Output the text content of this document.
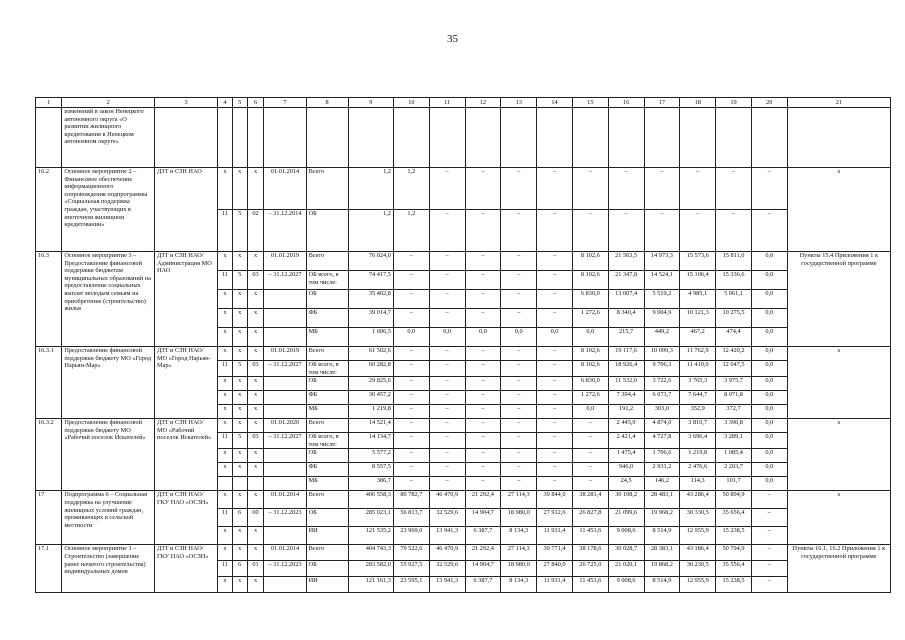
35
1	2	3	4	5	6	7	8	9	10	11	12	13	14	15	16	17	18	19	20	21
	изменений в закон Ненецкого автономного округа «О развитии жилищного кредитования в Ненецком автономном округе»																			
16.2	Основное мероприятие 2 – Финансовое обеспечение информационного сопровождения подпрограммы «Социальная поддержка граждан, участвующих в ипотечном жилищном кредитовании»	ДЗТ и СЗН НАО	x	x	x	01.01.2014	Всего	1,2	1,2	–	–	–	–	–	–	–	–	–	–	x
			11	5	02	– 31.12.2014	ОБ	1,2	1,2	–	–	–	–	–	–	–	–	–	–	
16.3	Основное мероприятие 3 – Предоставление финансовой поддержки бюджетам муниципальных образований на предоставление социальных выплат молодым семьям на приобретение (строительство) жилья	ДЗТ и СЗН НАО/ Администрация МО НАО	x	x	x	01.01.2019	Всего	76 024,0	–	–	–	–	–	8 102,6	21 563,5	14 973,3	15 573,6	15 811,0	0,0	Пункты 15.4 Приложения 1 к государственной программе
			11	5	03	– 31.12.2027	ОБ всего, в том числе:	74 417,5	–	–	–	–	–	8 102,6	21 347,8	14 524,1	15 106,4	15 336,6	0,0	
			x	x	x		ОБ	35 402,8	–	–	–	–	–	6 830,0	13 007,4	5 519,2	4 985,1	5 061,1	0,0	
			x	x	x		ФБ	39 014,7	–	–	–	–	–	1 272,6	8 340,4	9 004,9	10 121,3	10 275,5	0,0	
			x	x	x		МБ	1 606,5	0,0	0,0	0,0	0,0	0,0	0,0	215,7	449,2	467,2	474,4	0,0	
16.3.1	Предоставление финансовой поддержки бюджету МО «Город Нарьян-Мар»	ДЗТ и СЗН НАО/ МО «Город Нарьян-Мар»	x	x	x	01.01.2019	Всего	61 502,6	–	–	–	–	–	8 102,6	19 117,6	10 099,3	11 762,9	12 420,2	0,0	x
			11	5	03	– 31.12.2027	ОБ всего, в том числе:	60 282,8	–	–	–	–	–	8 102,6	18 926,4	9 796,3	11 410,0	12 047,5	0,0	
			x	x	x		ОБ	29 825,6	–	–	–	–	–	6 830,0	11 532,0	3 722,6	3 765,3	3 975,7	0,0	
			x	x	x		ФБ	30 457,2	–	–	–	–	–	1 272,6	7 394,4	6 073,7	7 644,7	8 071,8	0,0	
			x	x	x		МБ	1 219,8	–	–	–	–	–	0,0	191,2	303,0	352,9	372,7	0,0	
16.3.2	Предоставление финансовой поддержки бюджету МО «Рабочий поселок Искателей»	ДЗТ и СЗН НАО/ МО «Рабочий поселок Искателей»	x	x	x	01.01.2020	Всего	14 521,4	–	–	–	–	–	–	2 445,9	4 874,0	3 810,7	3 390,8	0,0	x
			11	5	03	– 31.12.2027	ОБ всего, в том числе:	14 134,7	–	–	–	–	–	–	2 421,4	4 727,8	3 696,4	3 289,1	0,0	
			x	x	x		ОБ	5 577,2	–	–	–	–	–	–	1 475,4	1 796,6	1 219,8	1 085,4	0,0	
			x	x	x		ФБ	8 557,5	–	–	–	–	–	–	946,0	2 931,2	2 476,6	2 203,7	0,0	
							МБ	386,7	–	–	–	–	–	–	24,5	146,2	114,3	101,7	0,0	
17	Подпрограмма 6 – Социальная поддержка на улучшение жилищных условий граждан, проживающих в сельской местности	ДЗТ и СЗН НАО/ ГКУ НАО «ОСЗН»	x	x	x	01.01.2014	Всего	406 558,3	80 782,7	46 470,9	21 292,4	27 114,3	39 844,0	38 281,4	30 108,2	28 483,1	43 286,4	50 894,9	–	x
			11	6	00	– 31.12.2023	ОБ	285 023,1	56 813,7	32 529,6	14 904,7	18 980,0	27 912,6	26 827,8	21 099,6	19 968,2	30 330,5	35 656,4	–	
			x	x	x		ИИ	121 535,2	23 969,0	13 941,3	6 387,7	8 134,3	11 931,4	11 453,6	9 008,6	8 514,9	12 955,9	15 238,5	–	
17.1	Основное мероприятие 1 – Строительство (завершение ранее начатого строительства) индивидуальных домов	ДЗТ и СЗН НАО/ ГКУ НАО «ОСЗН»	x	x	x	01.01.2014	Всего	404 743,3	79 522,6	46 470,9	21 292,4	27 114,3	39 771,4	38 178,6	30 028,7	28 383,1	43 186,4	50 794,9	–	Пункты 16.1, 16.2 Приложения 1 к государственной программе
			11	6	01	– 31.12.2023	ОБ	283 582,0	55 927,5	32 529,6	14 904,7	18 980,0	27 840,0	26 725,0	21 020,1	19 868,2	30 230,5	35 556,4	–	
			x	x	x		ИИ	121 161,3	23 595,1	13 941,3	6 387,7	8 134,3	11 931,4	11 453,6	9 008,6	8 514,9	12 955,9	15 238,5	–	
